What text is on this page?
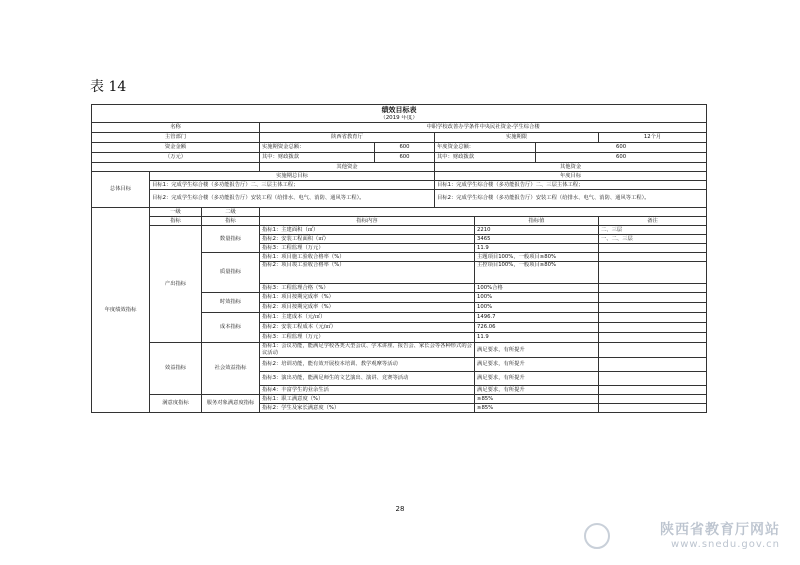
表 14
绩效目标表								
（2019 年度）								
名称			中职学校改善办学条件中央民社资金-学生综合楼					
主管部门			陕西省教育厅		实施期限			12个月
资金金额			实施期资金总额：	600	年度资金总额：		600	
（万元）			其中：财政拨款	600	其中：财政拨款		600	
			其他资金		其他资金			
总体目标	实施期总目标				年度目标			
	目标1：完成学生综合楼（多功能报告厅）二、三层主体工程；				目标1：完成学生综合楼（多功能报告厅）二、三层主体工程；			
	目标2：完成学生综合楼（多功能报告厅）安装工程（给排水、电气、消防、通风等工程）。				目标2：完成学生综合楼（多功能报告厅）安装工程（给排水、电气、消防、通风等工程）。			
年度绩效指标	一级	二级						
	指标	指标	指标内容			指标值		备注
	产出指标	数量指标	指标1：主建面积（㎡）			2210		二、三层
			指标2：安装工程面积（㎡）			3465		一、二、三层
			指标3：工程监理（万元）			11.9		
		质量指标	指标1：项目施工验收合格率（%）			主题项目100%，一般项目≥80%		
			指标2：项目竣工验收合格率（%）			主控项目100%，一般项目≥80%		
			指标3：工程监理合格（%）			100%合格		
		时效指标	指标1：项目按期完成率（%）			100%		
			指标2：项目按期完成率（%）			100%		
		成本指标	指标1：主建成本（元/㎡）			1496.7		
			指标2：安装工程成本（元/㎡）			726.06		
			指标3：工程监理（万元）			11.9		
	效益指标	社会效益指标	指标1：会议功能，能满足学校各类大型会议、学术讲座、报告会、家长会等各种形式的会议活动			满足要求，有所提升		
			指标2：培训功能，能有效开展校本培训、教学观摩等活动			满足要求，有所提升		
			指标3：演出功能，能满足师生的文艺演出、演讲、竞赛等活动			满足要求，有所提升		
			指标4：丰富学生的业余生活			满足要求，有所提升		
	满意度指标	服务对象满意度指标	指标1：职工满意度（%）			≥85%		
			指标2：学生及家长满意度（%）			≥85%		
28
陕西省教育厅网站
www.snedu.gov.cn
